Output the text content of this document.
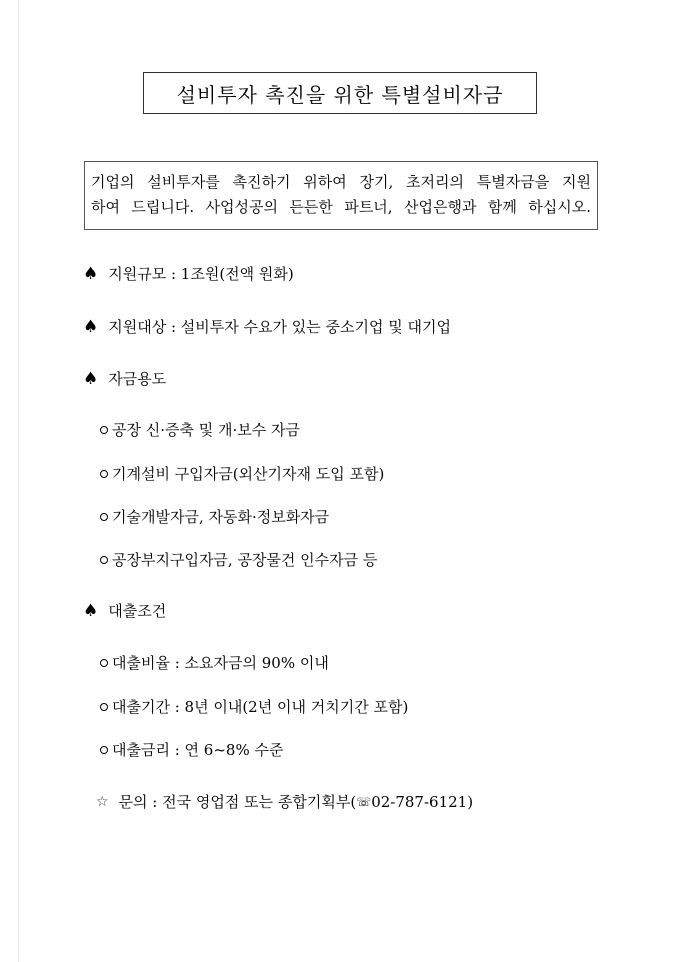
설비투자 촉진을 위한 특별설비자금
기업의 설비투자를 촉진하기 위하여 장기, 초저리의 특별자금을 지원
하여 드립니다. 사업성공의 든든한 파트너, 산업은행과 함께 하십시오.
♠ 지원규모 : 1조원(전액 원화)
♠ 지원대상 : 설비투자 수요가 있는 중소기업 및 대기업
♠ 자금용도
공장 신·증축 및 개·보수 자금
기계설비 구입자금(외산기자재 도입 포함)
기술개발자금, 자동화·정보화자금
공장부지구입자금, 공장물건 인수자금 등
♠ 대출조건
대출비율 : 소요자금의 90% 이내
대출기간 : 8년 이내(2년 이내 거치기간 포함)
대출금리 : 연 6~8% 수준
☆ 문의 : 전국 영업점 또는 종합기획부( ☏ 02-787-6121)
